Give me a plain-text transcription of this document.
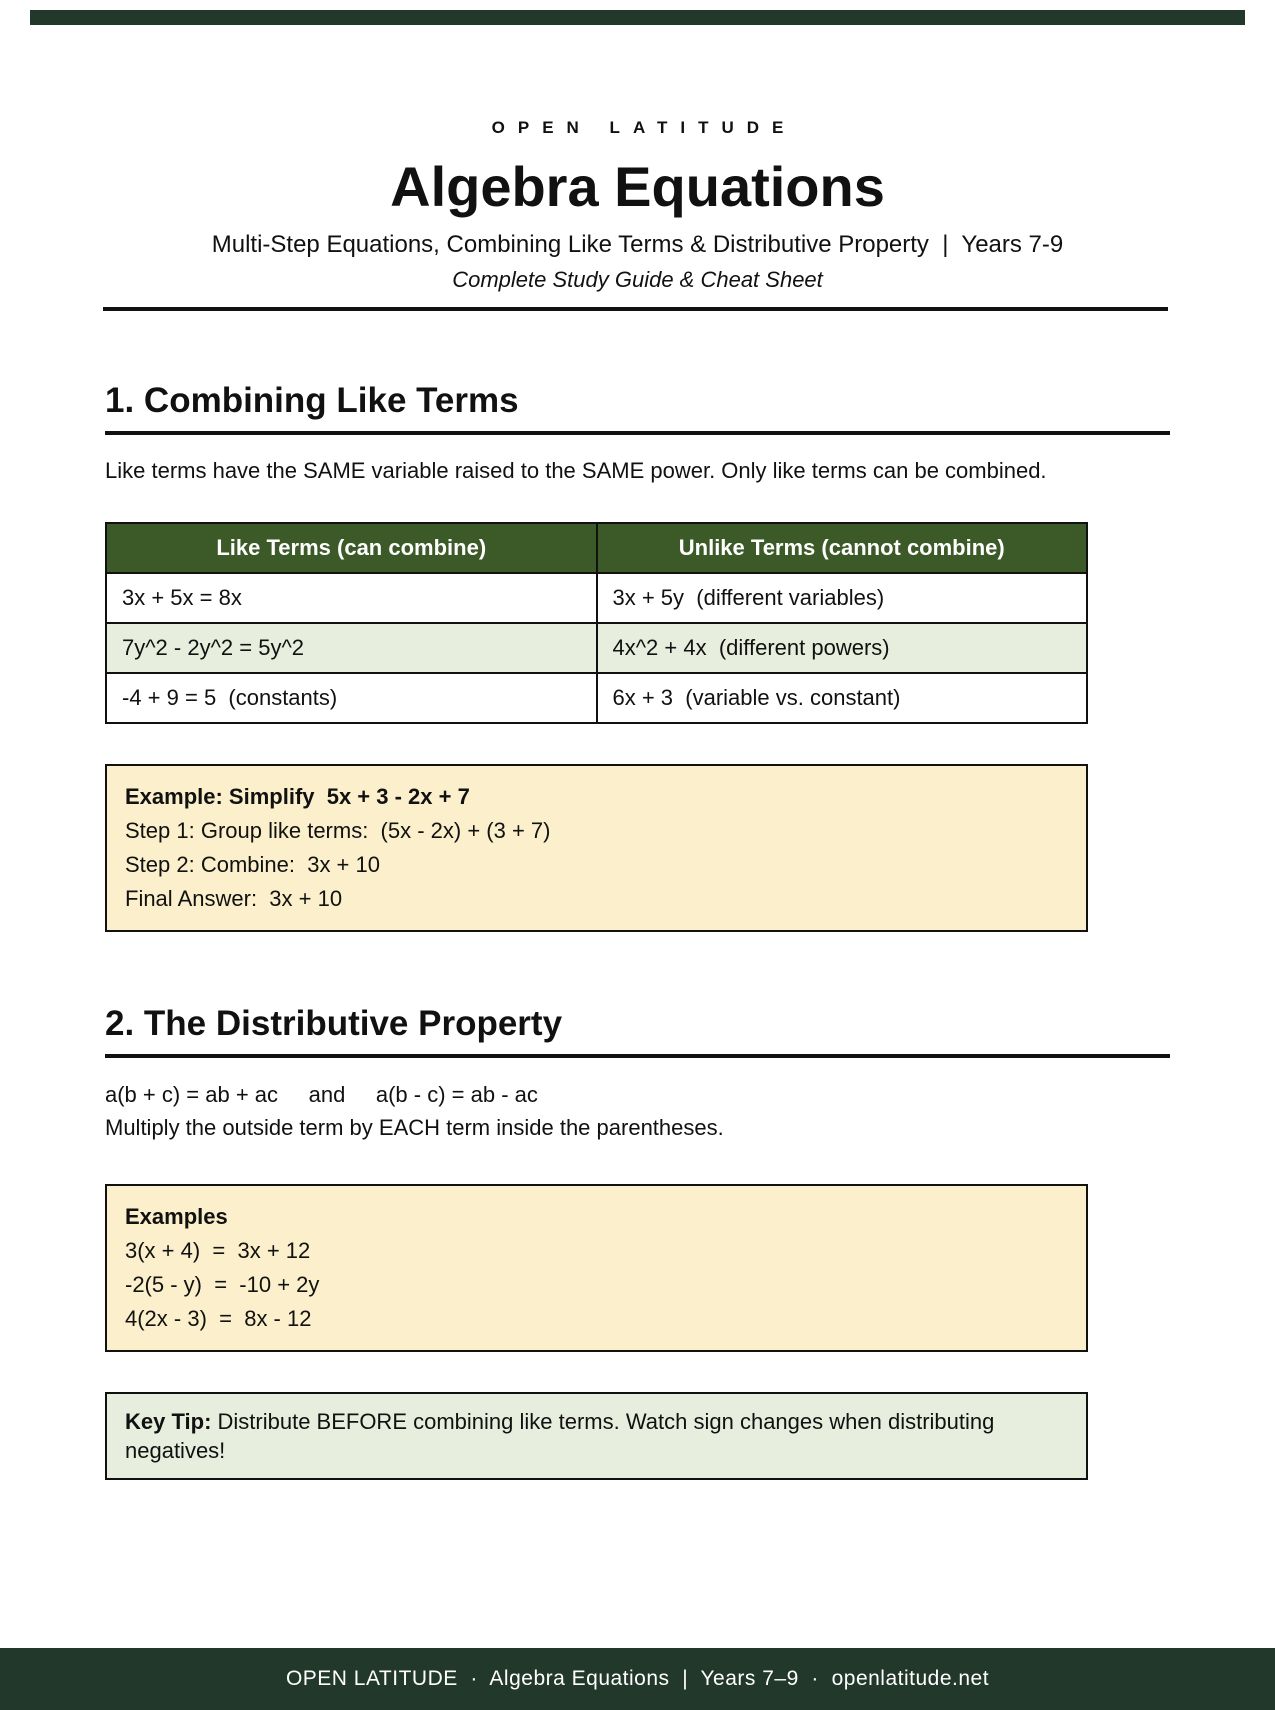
OPEN LATITUDE
Algebra Equations
Multi-Step Equations, Combining Like Terms & Distributive Property  |  Years 7-9
Complete Study Guide & Cheat Sheet
1. Combining Like Terms

Like terms have the SAME variable raised to the SAME power. Only like terms can be combined.

Like Terms (can combine)	Unlike Terms (cannot combine)
3x + 5x = 8x	3x + 5y  (different variables)
7y^2 - 2y^2 = 5y^2	4x^2 + 4x  (different powers)
-4 + 9 = 5  (constants)	6x + 3  (variable vs. constant)
Example: Simplify  5x + 3 - 2x + 7
Step 1: Group like terms:  (5x - 2x) + (3 + 7)
Step 2: Combine:  3x + 10
Final Answer:  3x + 10
2. The Distributive Property
a(b + c) = ab + ac     and     a(b - c) = ab - ac
Multiply the outside term by EACH term inside the parentheses.
Examples
3(x + 4)  =  3x + 12
-2(5 - y)  =  -10 + 2y
4(2x - 3)  =  8x - 12
Key Tip: Distribute BEFORE combining like terms. Watch sign changes when distributing negatives!
OPEN LATITUDE  ·  Algebra Equations  |  Years 7–9  ·  openlatitude.net
